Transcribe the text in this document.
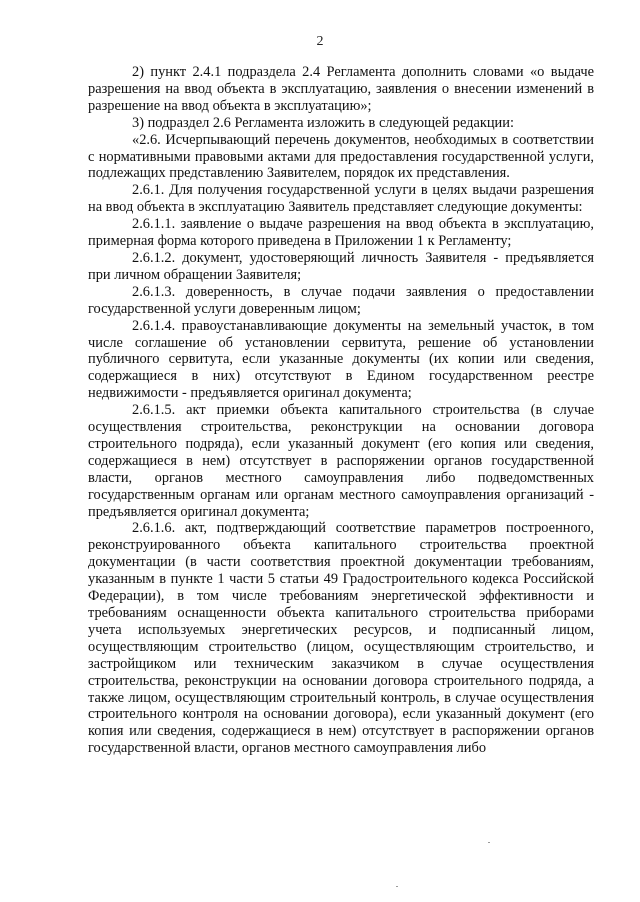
2

2) пункт 2.4.1 подраздела 2.4 Регламента дополнить словами «о выдаче разрешения на ввод объекта в эксплуатацию, заявления о внесении изменений в разрешение на ввод объекта в эксплуатацию»;

3) подраздел 2.6 Регламента изложить в следующей редакции:

«2.6. Исчерпывающий перечень документов, необходимых в соответствии с нормативными правовыми актами для предоставления государственной услуги, подлежащих представлению Заявителем, порядок их представления.

2.6.1. Для получения государственной услуги в целях выдачи разрешения на ввод объекта в эксплуатацию Заявитель представляет следующие документы:

2.6.1.1. заявление о выдаче разрешения на ввод объекта в эксплуатацию, примерная форма которого приведена в Приложении 1 к Регламенту;

2.6.1.2. документ, удостоверяющий личность Заявителя - предъявляется при личном обращении Заявителя;

2.6.1.3. доверенность, в случае подачи заявления о предоставлении государственной услуги доверенным лицом;

2.6.1.4. правоустанавливающие документы на земельный участок, в том числе соглашение об установлении сервитута, решение об установлении публичного сервитута, если указанные документы (их копии или сведения, содержащиеся в них) отсутствуют в Едином государственном реестре недвижимости - предъявляется оригинал документа;

2.6.1.5. акт приемки объекта капитального строительства (в случае осуществления строительства, реконструкции на основании договора строительного подряда), если указанный документ (его копия или сведения, содержащиеся в нем) отсутствует в распоряжении органов государственной власти, органов местного самоуправления либо подведомственных государственным органам или органам местного самоуправления организаций - предъявляется оригинал документа;

2.6.1.6. акт, подтверждающий соответствие параметров построенного, реконструированного объекта капитального строительства проектной документации (в части соответствия проектной документации требованиям, указанным в пункте 1 части 5 статьи 49 Градостроительного кодекса Российской Федерации), в том числе требованиям энергетической эффективности и требованиям оснащенности объекта капитального строительства приборами учета используемых энергетических ресурсов, и подписанный лицом, осуществляющим строительство (лицом, осуществляющим строительство, и застройщиком или техническим заказчиком в случае осуществления строительства, реконструкции на основании договора строительного подряда, а также лицом, осуществляющим строительный контроль, в случае осуществления строительного контроля на основании договора), если указанный документ (его копия или сведения, содержащиеся в нем) отсутствует в распоряжении органов государственной власти, органов местного самоуправления либо
